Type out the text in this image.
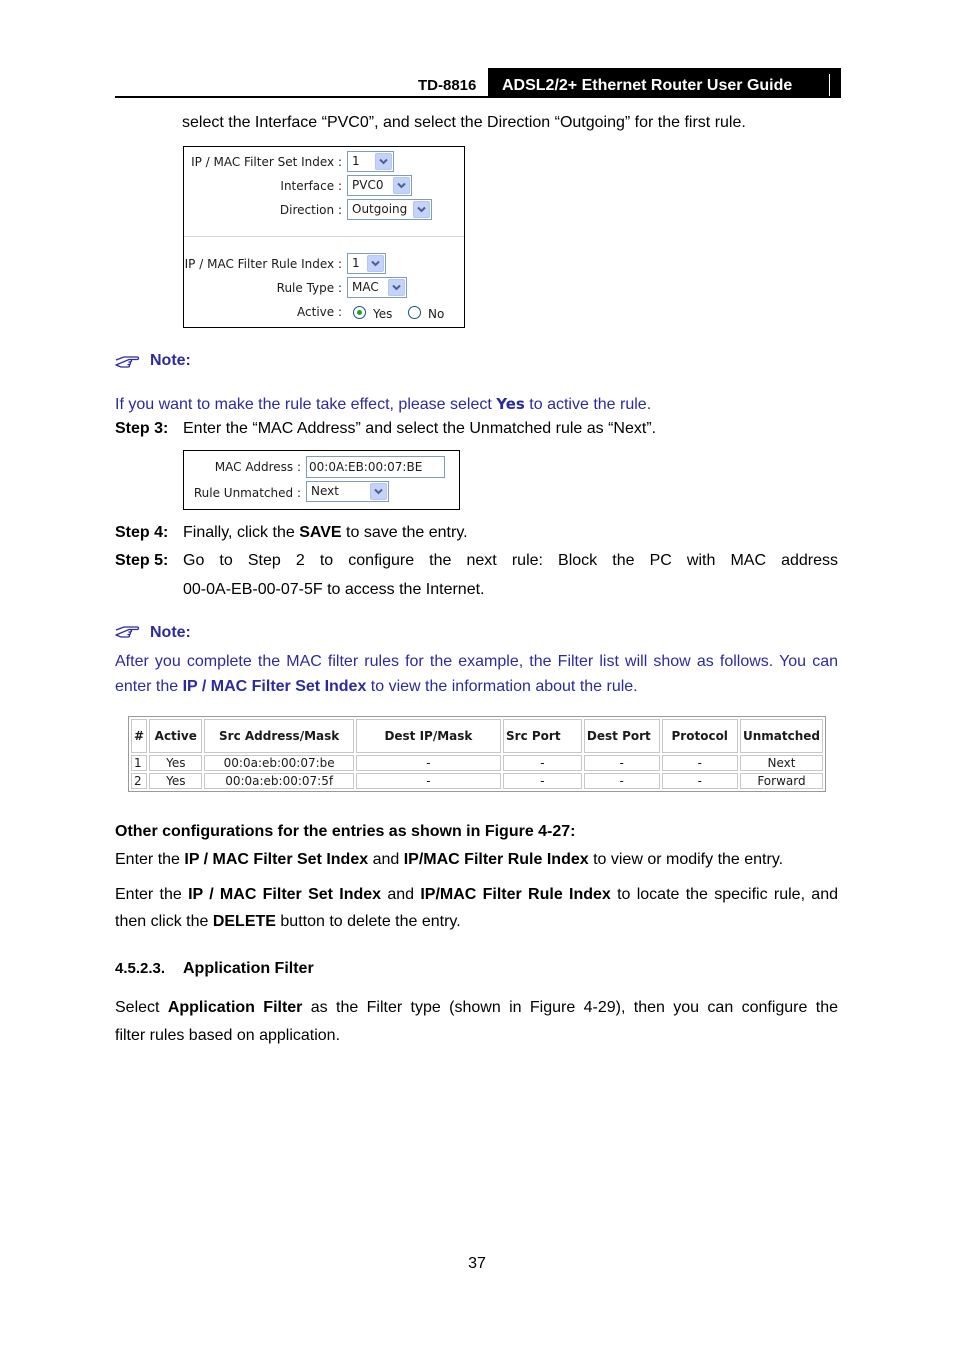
TD-8816	ADSL2/2+ Ethernet Router User Guide
select the Interface “PVC0”, and select the Direction “Outgoing” for the first rule.
IP / MAC Filter Set Index : 1
Interface : PVC0
Direction : Outgoing
IP / MAC Filter Rule Index : 1
Rule Type : MAC
Active :	Yes	No
Note:
If you want to make the rule take effect, please select Yes to active the rule.
Step 3: Enter the “MAC Address” and select the Unmatched rule as “Next”.
MAC Address : 00:0A:EB:00:07:BE
Rule Unmatched : Next
Step 4: Finally, click the SAVE to save the entry.
Step 5: Go to Step 2 to configure the next rule: Block the PC with MAC address
00-0A-EB-00-07-5F to access the Internet.
Note:
After you complete the MAC filter rules for the example, the Filter list will show as follows. You can
enter the IP / MAC Filter Set Index to view the information about the rule.
#	Active	Src Address/Mask	Dest IP/Mask	Src Port	Dest Port	Protocol	Unmatched
1	Yes	00:0a:eb:00:07:be	-	-	-	-	Next
2	Yes	00:0a:eb:00:07:5f	-	-	-	-	Forward
Other configurations for the entries as shown in Figure 4-27:
Enter the IP / MAC Filter Set Index and IP/MAC Filter Rule Index to view or modify the entry.
Enter the IP / MAC Filter Set Index and IP/MAC Filter Rule Index to locate the specific rule, and
then click the DELETE button to delete the entry.
4.5.2.3. Application Filter
Select Application Filter as the Filter type (shown in Figure 4-29), then you can configure the
filter rules based on application.
37
